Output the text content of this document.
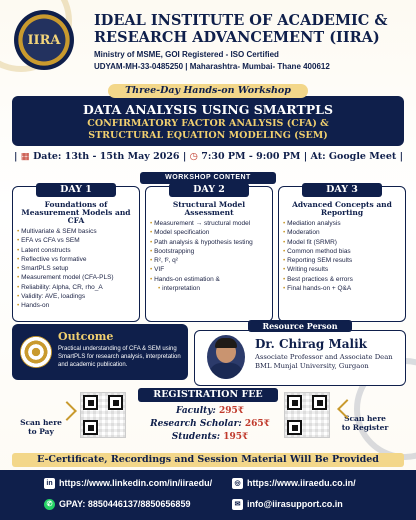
IIRA
IDEAL INSTITUTE OF ACADEMIC & RESEARCH ADVANCEMENT (IIRA)
Ministry of MSME, GOI Registered - ISO Certified
UDYAM-MH-33-0485250 | Maharashtra- Mumbai- Thane 400612
DATA ANALYSIS USING SMARTPLS
CONFIRMATORY FACTOR ANALYSIS (CFA) &
STRUCTURAL EQUATION MODELING (SEM)
Three-Day Hands-on Workshop
| ▦ Date: 13th - 15th May 2026 | ◷ 7:30 PM - 9:00 PM | At: Google Meet |
WORKSHOP CONTENT
DAY 1
Foundations of Measurement Models and CFA
• Multivariate & SEM basics
• EFA vs CFA vs SEM
• Latent constructs
• Reflective vs formative
• SmartPLS setup
• Measurement model (CFA-PLS)
• Reliability: Alpha, CR, rho_A
• Validity: AVE, loadings
• Hands-on
DAY 2
Structural Model Assessment
• Measurement → structural model
• Model specification
• Path analysis & hypothesis testing
• Bootstrapping
• R², f², q²
• VIF
• Hands-on estimation &
• interpretation
DAY 3
Advanced Concepts and Reporting
• Mediation analysis
• Moderation
• Model fit (SRMR)
• Common method bias
• Reporting SEM results
• Writing results
• Best practices & errors
• Final hands-on + Q&A
Outcome
Practical understanding of CFA & SEM using SmartPLS for research analysis, interpretation and academic publication.
Dr. Chirag Malik
Associate Professor and Associate Dean
BML Munjal University, Gurgaon
Resource Person
Scan here to Pay
REGISTRATION FEE
Faculty: 295₹
Research Scholar: 265₹
Students: 195₹
Scan here to Register
E-Certificate, Recordings and Session Material Will Be Provided
in https://www.linkedin.com/in/iiraedu/	◎ https://www.iiraedu.co.in/
✆ GPAY: 8850446137/8850656859	✉ info@iirasupport.co.in
